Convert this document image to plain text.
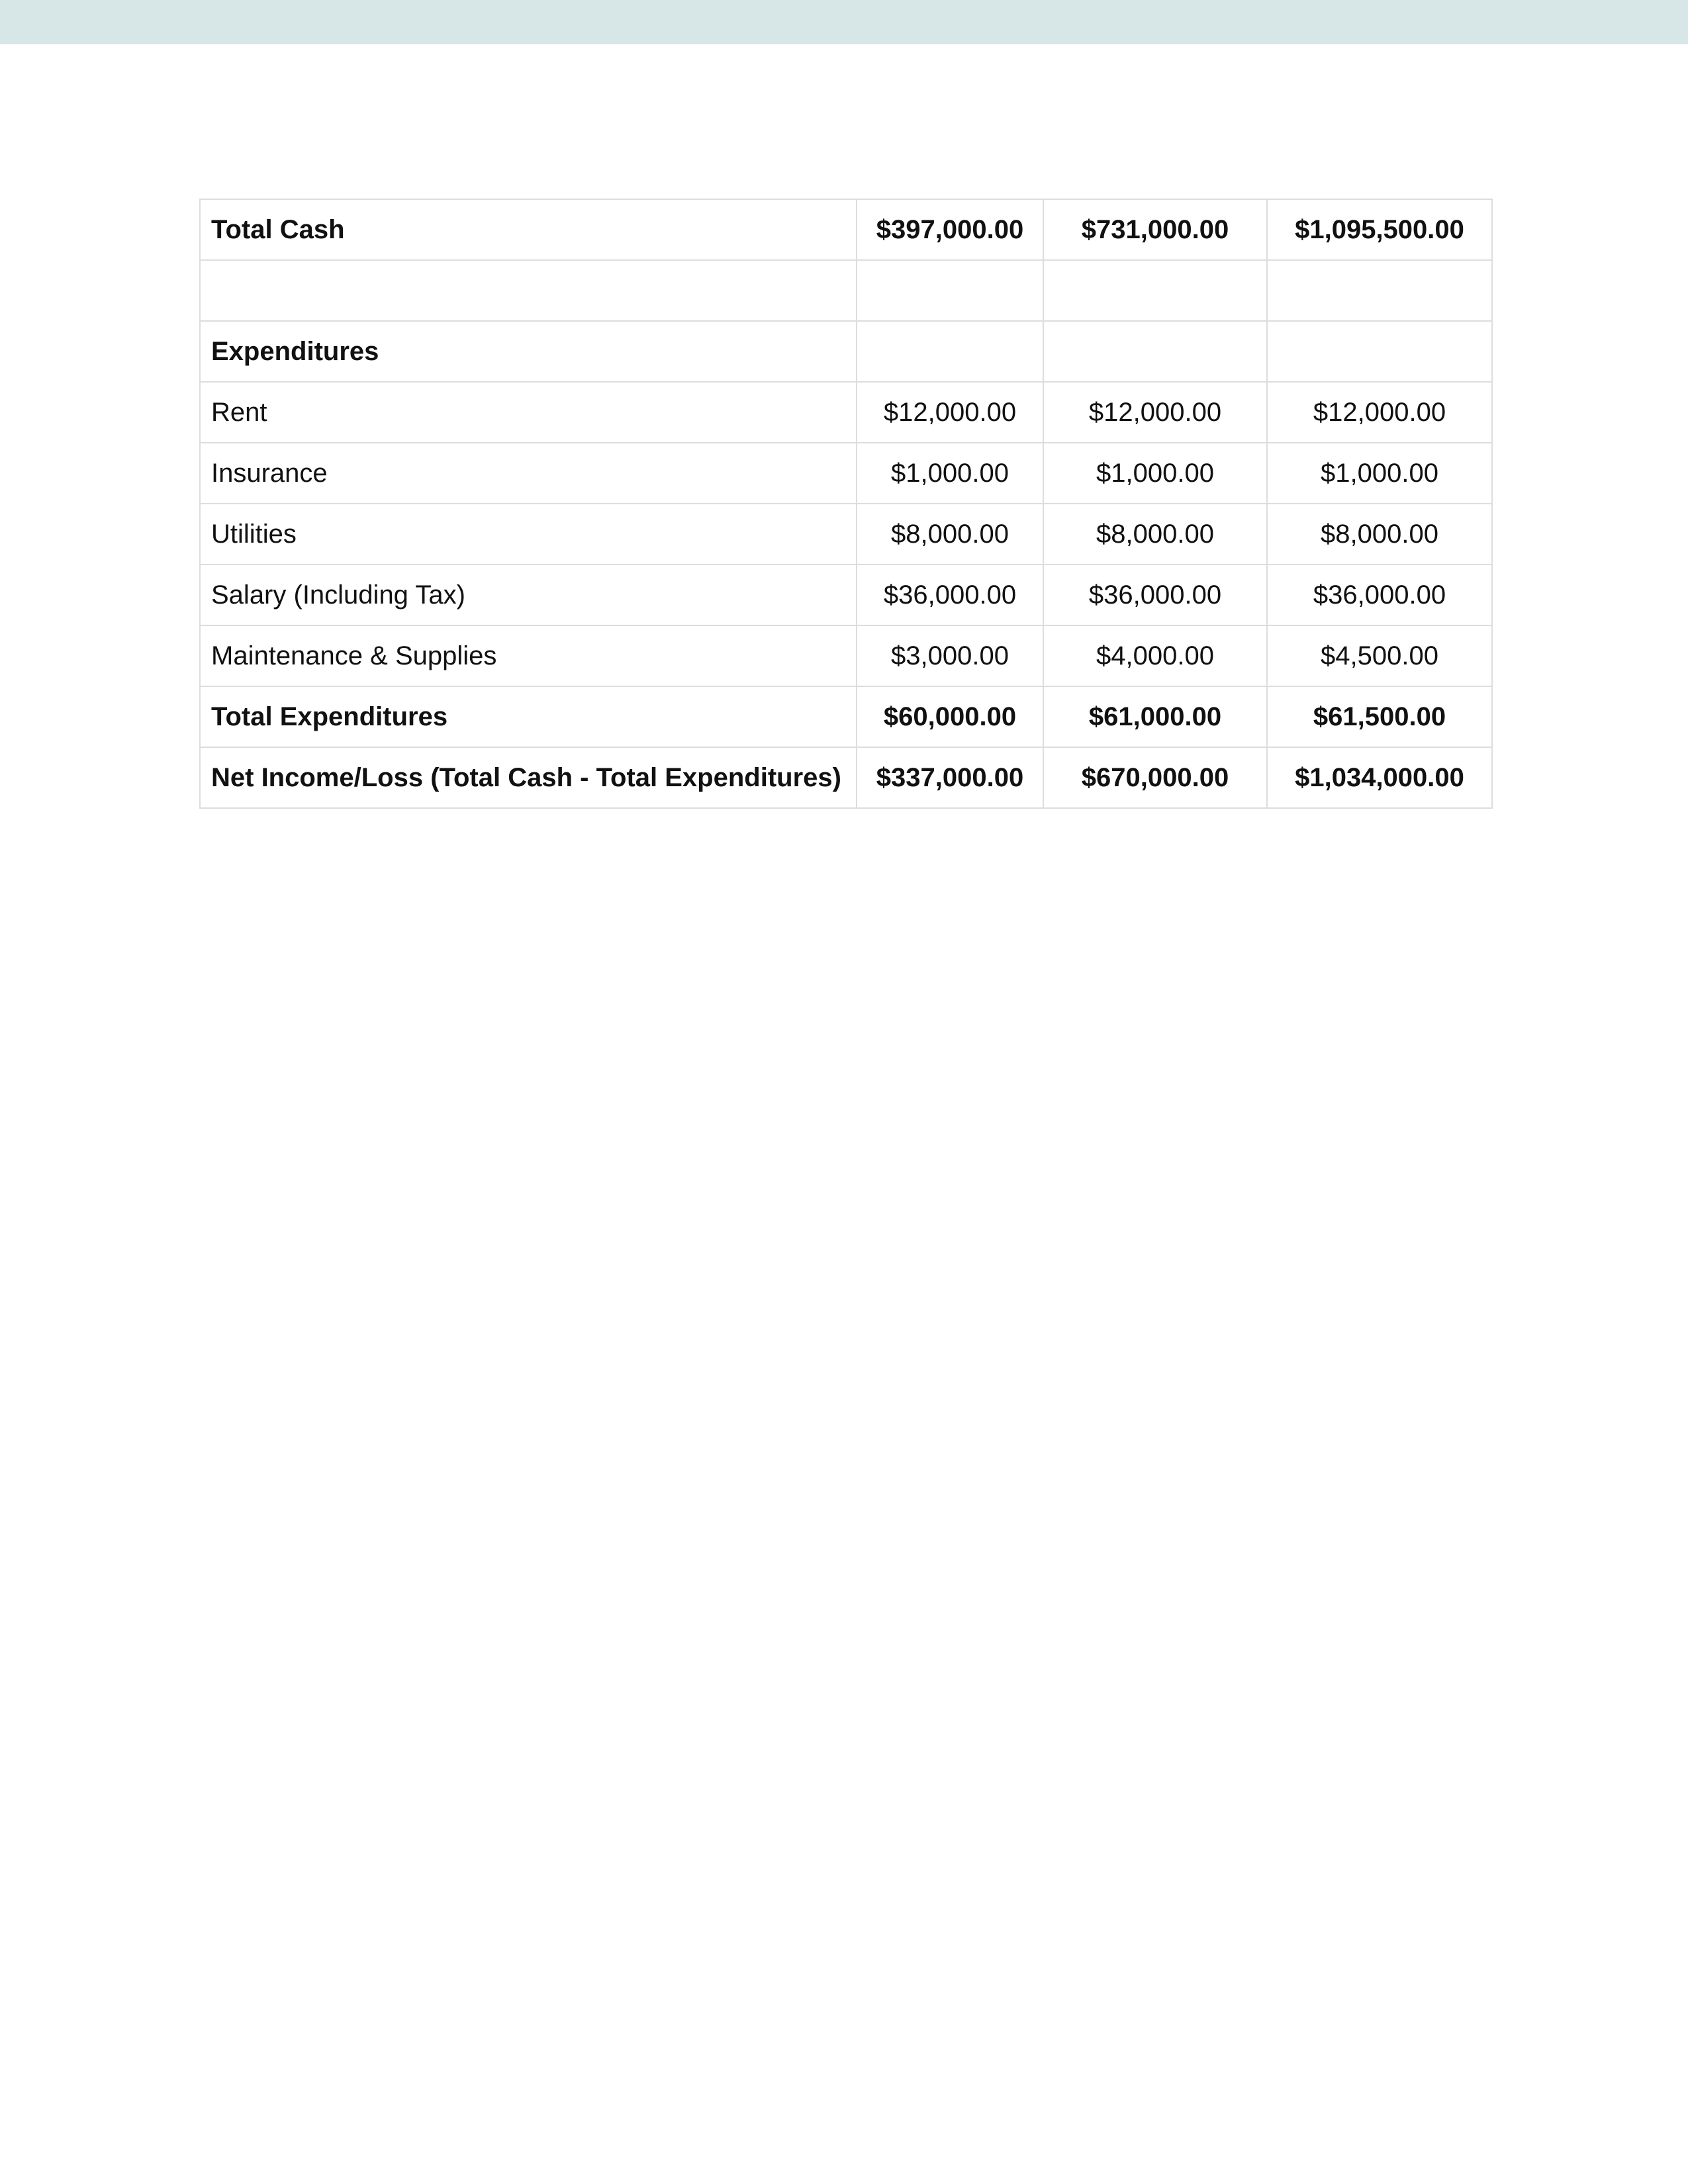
Total Cash	$397,000.00	$731,000.00	$1,095,500.00

Expenditures			
Rent	$12,000.00	$12,000.00	$12,000.00
Insurance	$1,000.00	$1,000.00	$1,000.00
Utilities	$8,000.00	$8,000.00	$8,000.00
Salary (Including Tax)	$36,000.00	$36,000.00	$36,000.00
Maintenance & Supplies	$3,000.00	$4,000.00	$4,500.00
Total Expenditures	$60,000.00	$61,000.00	$61,500.00
Net Income/Loss (Total Cash - Total Expenditures)	$337,000.00	$670,000.00	$1,034,000.00
